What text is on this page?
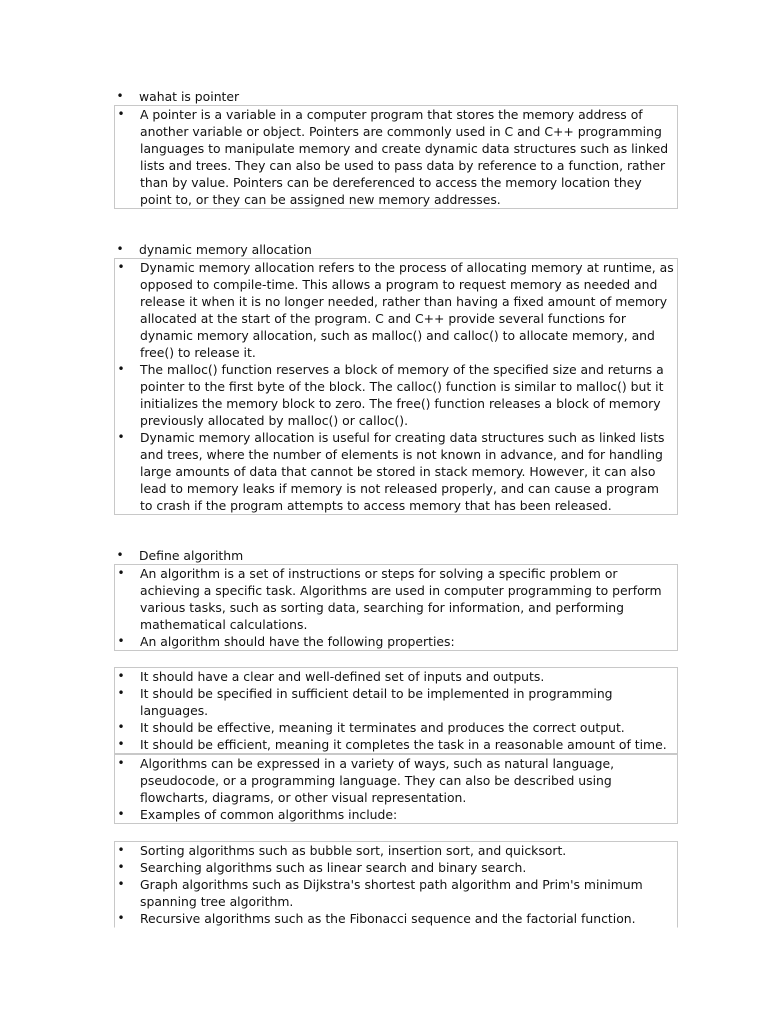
• wahat is pointer
• A pointer is a variable in a computer program that stores the memory address of another variable or object. Pointers are commonly used in C and C++ programming languages to manipulate memory and create dynamic data structures such as linked lists and trees. They can also be used to pass data by reference to a function, rather than by value. Pointers can be dereferenced to access the memory location they point to, or they can be assigned new memory addresses.
• dynamic memory allocation
• Dynamic memory allocation refers to the process of allocating memory at runtime, as opposed to compile-time. This allows a program to request memory as needed and release it when it is no longer needed, rather than having a fixed amount of memory allocated at the start of the program. C and C++ provide several functions for dynamic memory allocation, such as malloc() and calloc() to allocate memory, and free() to release it.
• The malloc() function reserves a block of memory of the specified size and returns a pointer to the first byte of the block. The calloc() function is similar to malloc() but it initializes the memory block to zero. The free() function releases a block of memory previously allocated by malloc() or calloc().
• Dynamic memory allocation is useful for creating data structures such as linked lists and trees, where the number of elements is not known in advance, and for handling large amounts of data that cannot be stored in stack memory. However, it can also lead to memory leaks if memory is not released properly, and can cause a program to crash if the program attempts to access memory that has been released.
• Define algorithm
• An algorithm is a set of instructions or steps for solving a specific problem or achieving a specific task. Algorithms are used in computer programming to perform various tasks, such as sorting data, searching for information, and performing mathematical calculations.
• An algorithm should have the following properties:
• It should have a clear and well-defined set of inputs and outputs.
• It should be specified in sufficient detail to be implemented in programming languages.
• It should be effective, meaning it terminates and produces the correct output.
• It should be efficient, meaning it completes the task in a reasonable amount of time.
• Algorithms can be expressed in a variety of ways, such as natural language, pseudocode, or a programming language. They can also be described using flowcharts, diagrams, or other visual representation.
• Examples of common algorithms include:
• Sorting algorithms such as bubble sort, insertion sort, and quicksort.
• Searching algorithms such as linear search and binary search.
• Graph algorithms such as Dijkstra's shortest path algorithm and Prim's minimum spanning tree algorithm.
• Recursive algorithms such as the Fibonacci sequence and the factorial function.
